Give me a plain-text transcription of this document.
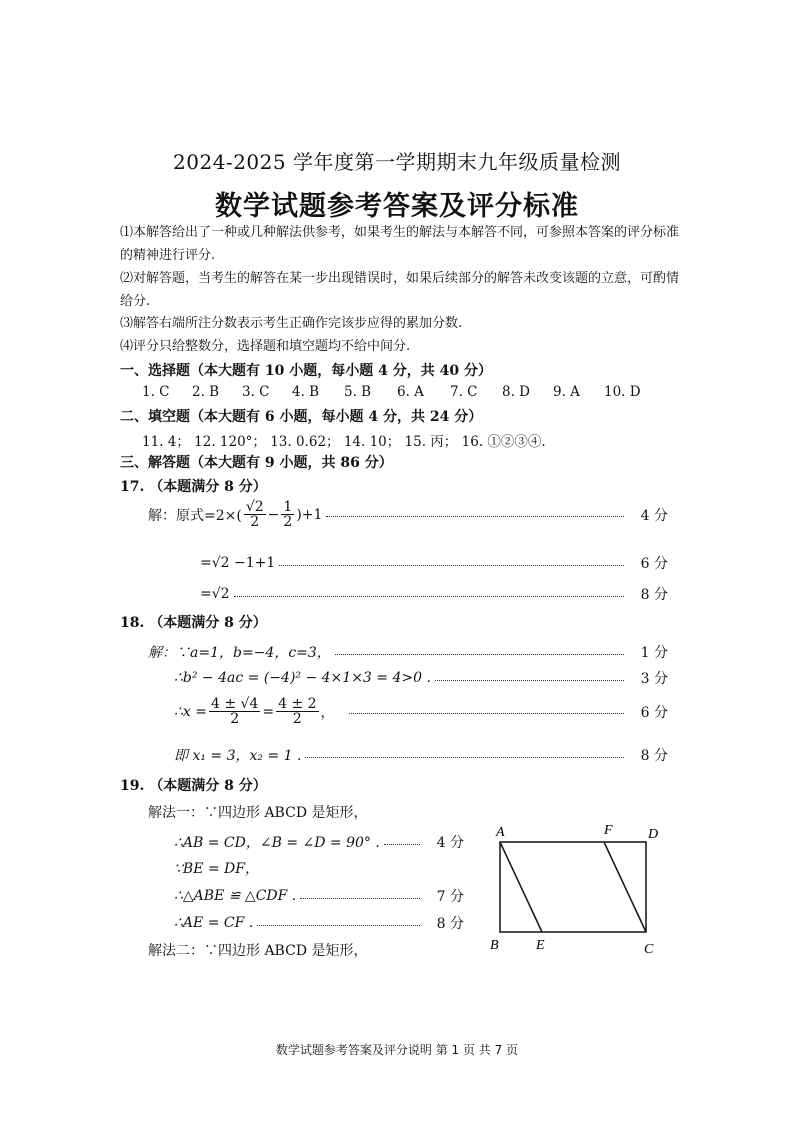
2024-2025 学年度第一学期期末九年级质量检测
数学试题参考答案及评分标准
⑴本解答给出了一种或几种解法供参考，如果考生的解法与本解答不同，可参照本答案的评分标准的精神进行评分.
⑵对解答题，当考生的解答在某一步出现错误时，如果后续部分的解答未改变该题的立意，可酌情给分.
⑶解答右端所注分数表示考生正确作完该步应得的累加分数.
⑷评分只给整数分，选择题和填空题均不给中间分.
一、选择题（本大题有 10 小题，每小题 4 分，共 40 分）
1. C 2. B 3. C 4. B 5. B 6. A 7. C 8. D 9. A 10. D
二、填空题（本大题有 6 小题，每小题 4 分，共 24 分）
11. 4； 12. 120°； 13. 0.62； 14. 10； 15. 丙； 16. ①②③④.
三、解答题（本大题有 9 小题，共 86 分）
17. （本题满分 8 分）
解：原式$=2\times( \frac{√2}{2} - \frac{1}{2} )+1$	4 分
=√2 −1+1	6 分
=√2	8 分
18. （本题满分 8 分）
解：∵a=1，b=−4，c=3，	1 分
∴b² − 4ac = (−4)² − 4×1×3 = 4>0 .	3 分
∴x = $\frac{4 \pm √4}{2} = \frac{4 \pm 2}{2}$ ，	6 分
即 x₁ = 3，x₂ = 1 .	8 分
19. （本题满分 8 分）
解法一：∵四边形 ABCD 是矩形，
∴AB = CD，∠B = ∠D = 90° .	4 分
∵BE = DF，
∴△ABE ≌ △CDF .	7 分
∴AE = CF .	8 分
解法二：∵四边形 ABCD 是矩形，
A	F	D
B	E	C
数学试题参考答案及评分说明 第 1 页 共 7 页
